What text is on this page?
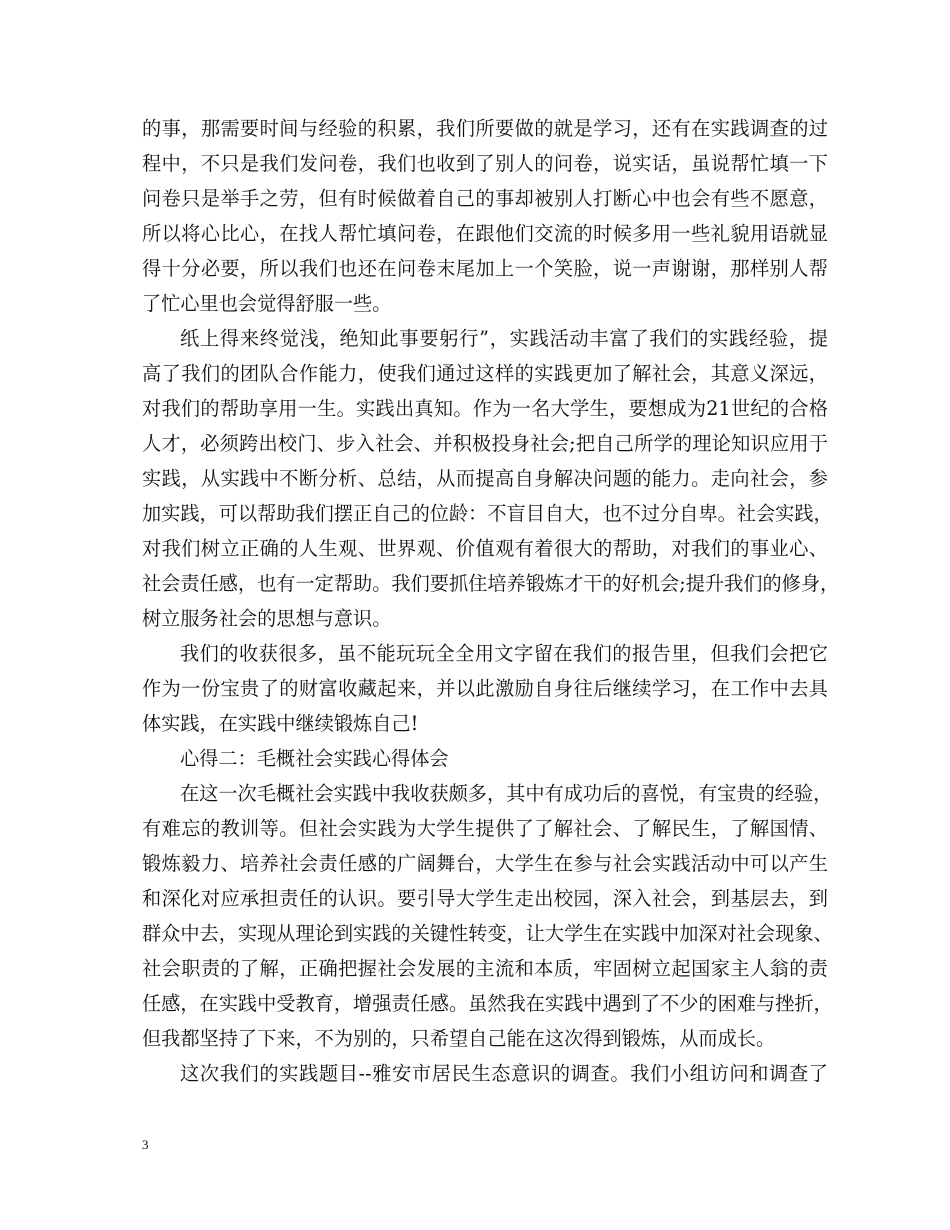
的事，那需要时间与经验的积累，我们所要做的就是学习，还有在实践调查的过
程中，不只是我们发问卷，我们也收到了别人的问卷，说实话，虽说帮忙填一下
问卷只是举手之劳，但有时候做着自己的事却被别人打断心中也会有些不愿意，
所以将心比心，在找人帮忙填问卷，在跟他们交流的时候多用一些礼貌用语就显
得十分必要，所以我们也还在问卷末尾加上一个笑脸，说一声谢谢，那样别人帮
了忙心里也会觉得舒服一些。
纸上得来终觉浅，绝知此事要躬行”，实践活动丰富了我们的实践经验，提
高了我们的团队合作能力，使我们通过这样的实践更加了解社会，其意义深远，
对我们的帮助享用一生。实践出真知。作为一名大学生，要想成为21世纪的合格
人才，必须跨出校门、步入社会、并积极投身社会;把自己所学的理论知识应用于
实践，从实践中不断分析、总结，从而提高自身解决问题的能力。走向社会，参
加实践，可以帮助我们摆正自己的位龄：不盲目自大，也不过分自卑。社会实践，
对我们树立正确的人生观、世界观、价值观有着很大的帮助，对我们的事业心、
社会责任感，也有一定帮助。我们要抓住培养锻炼才干的好机会;提升我们的修身，
树立服务社会的思想与意识。
我们的收获很多，虽不能玩玩全全用文字留在我们的报告里，但我们会把它
作为一份宝贵了的财富收藏起来，并以此激励自身往后继续学习，在工作中去具
体实践，在实践中继续锻炼自己!
心得二：毛概社会实践心得体会
在这一次毛概社会实践中我收获颇多，其中有成功后的喜悦，有宝贵的经验，
有难忘的教训等。但社会实践为大学生提供了了解社会、了解民生，了解国情、
锻炼毅力、培养社会责任感的广阔舞台，大学生在参与社会实践活动中可以产生
和深化对应承担责任的认识。要引导大学生走出校园，深入社会，到基层去，到
群众中去，实现从理论到实践的关键性转变，让大学生在实践中加深对社会现象、
社会职责的了解，正确把握社会发展的主流和本质，牢固树立起国家主人翁的责
任感，在实践中受教育，增强责任感。虽然我在实践中遇到了不少的困难与挫折，
但我都坚持了下来，不为别的，只希望自己能在这次得到锻炼，从而成长。
这次我们的实践题目--雅安市居民生态意识的调查。我们小组访问和调查了
3
